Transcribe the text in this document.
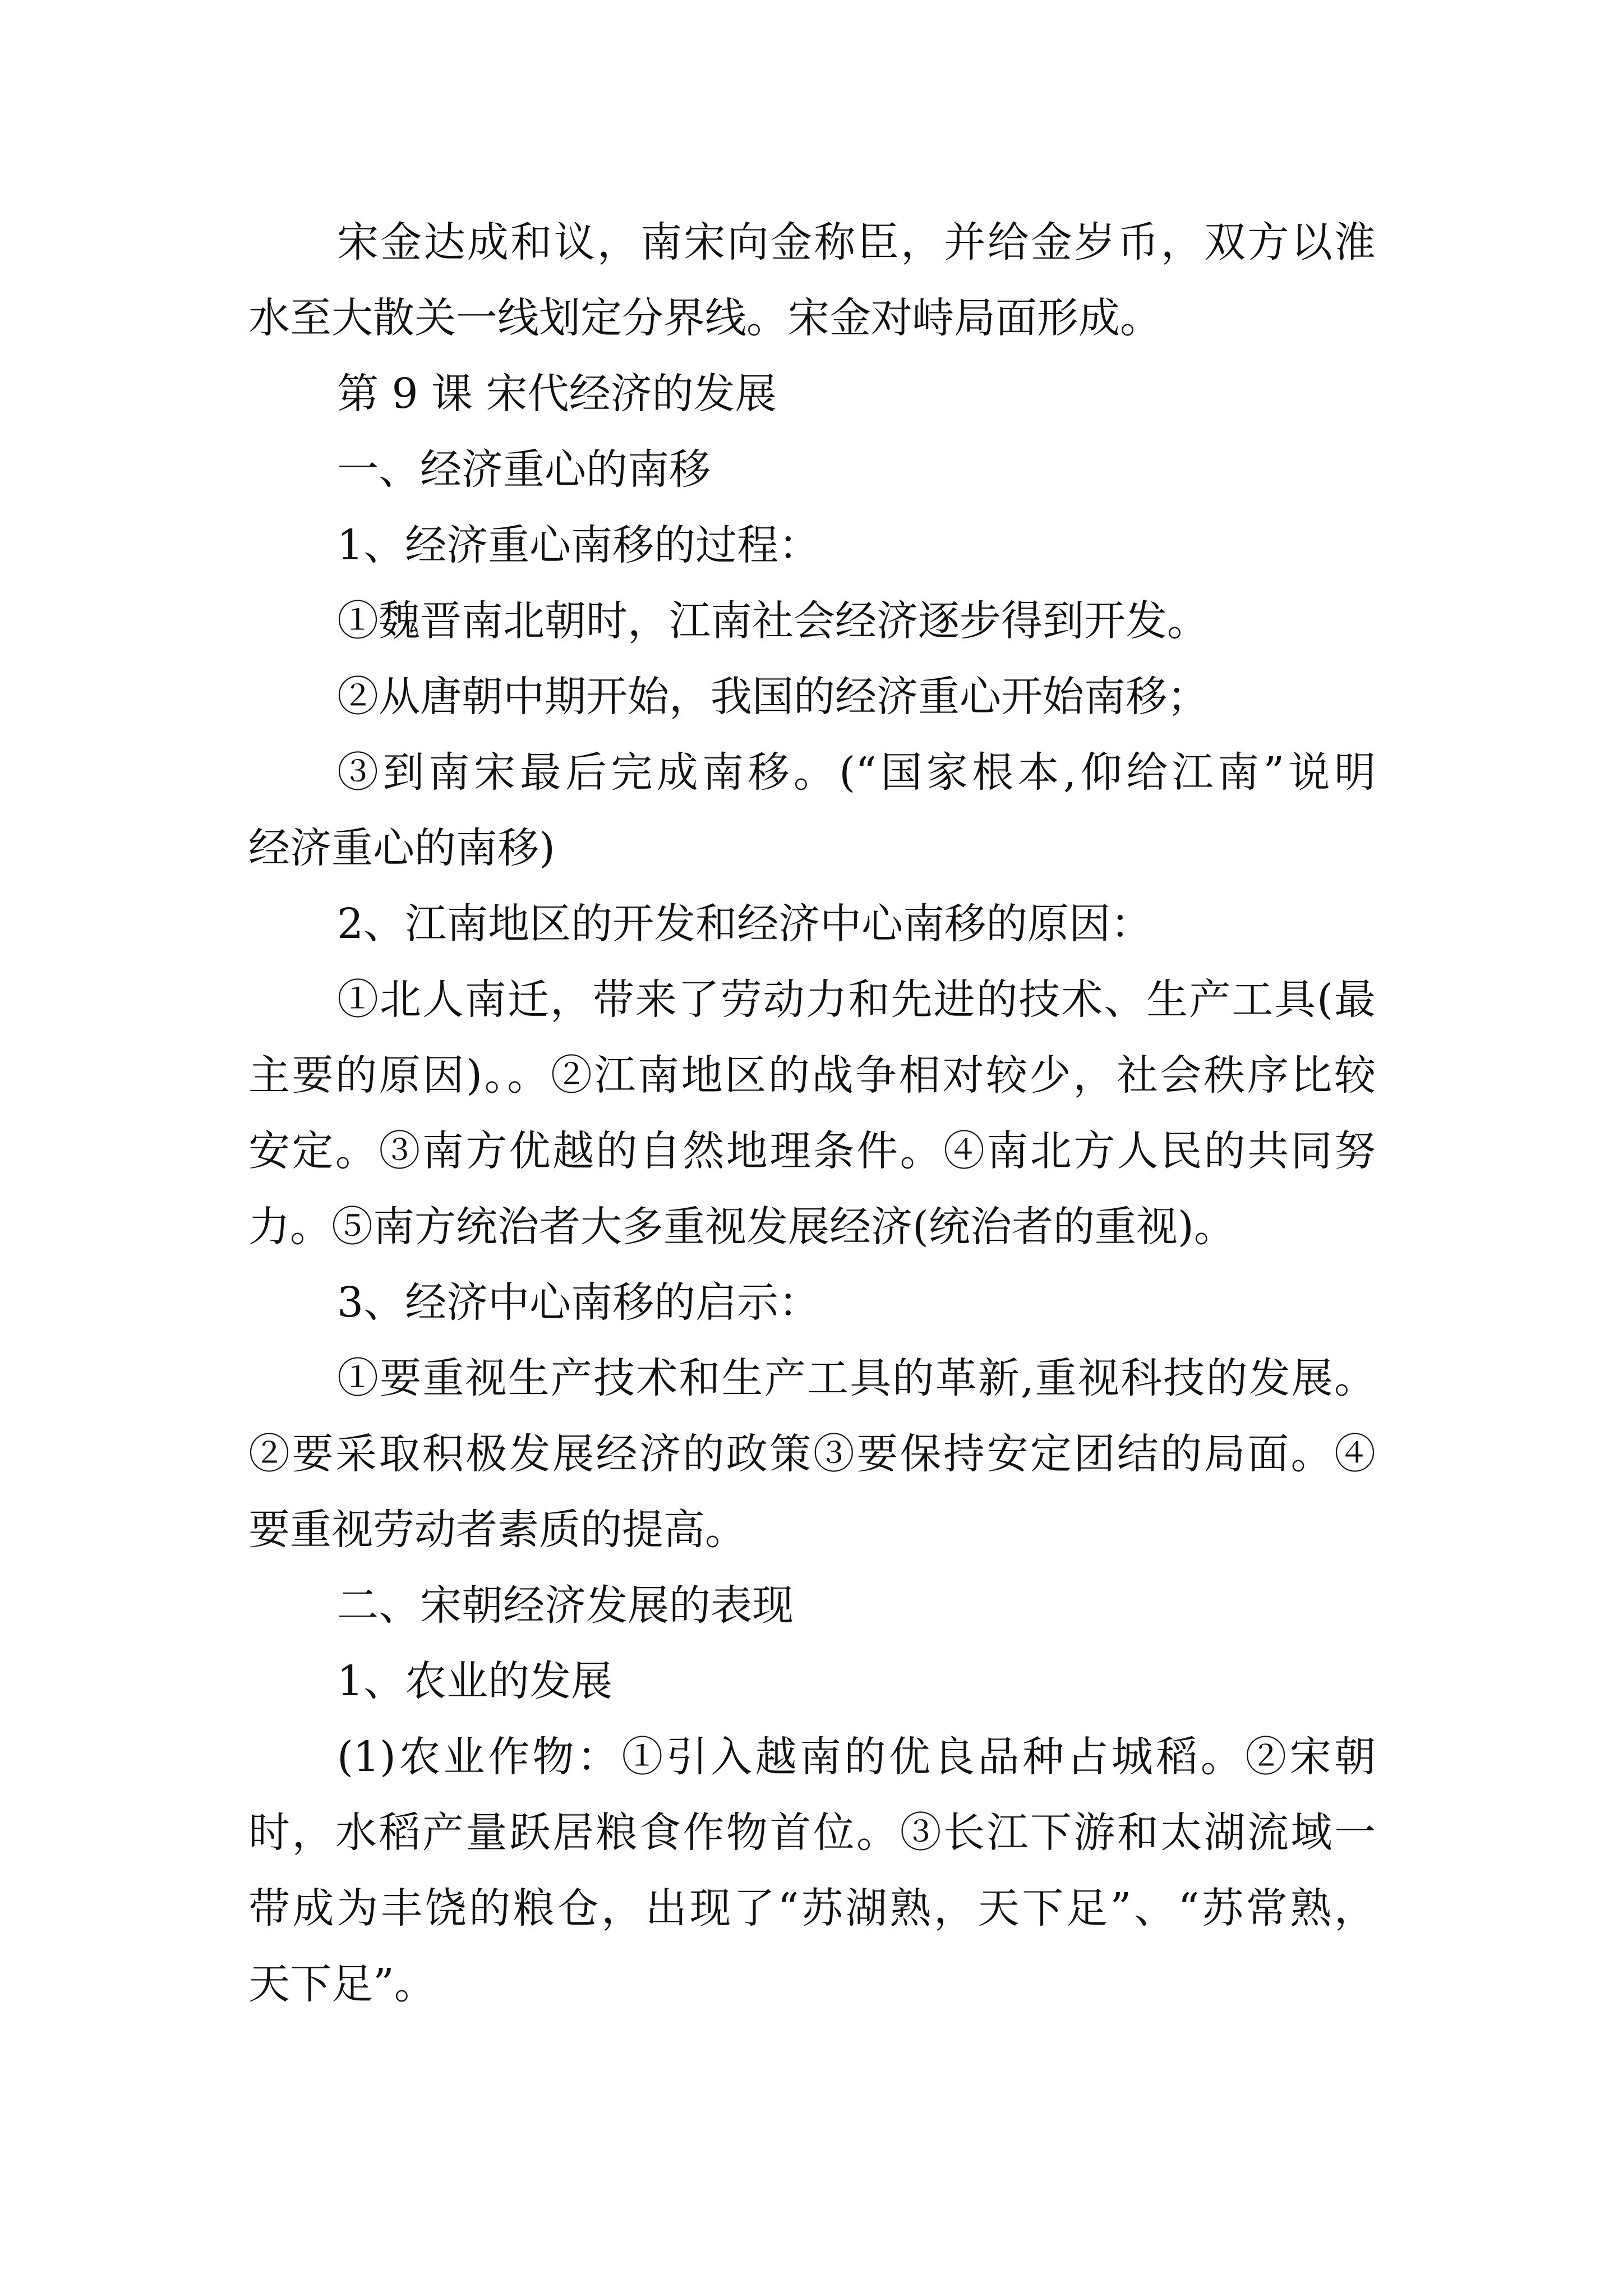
宋金达成和议，南宋向金称臣，并给金岁币，双方以淮
水至大散关一线划定分界线。宋金对峙局面形成。
第 9 课 宋代经济的发展
一、经济重心的南移
1、经济重心南移的过程：
①魏晋南北朝时，江南社会经济逐步得到开发。
②从唐朝中期开始，我国的经济重心开始南移；
③到南宋最后完成南移。(“国家根本,仰给江南”说明
经济重心的南移)
2、江南地区的开发和经济中心南移的原因：
①北人南迁，带来了劳动力和先进的技术、生产工具(最
主要的原因)。。②江南地区的战争相对较少，社会秩序比较
安定。③南方优越的自然地理条件。④南北方人民的共同努
力。⑤南方统治者大多重视发展经济(统治者的重视)。
3、经济中心南移的启示：
①要重视生产技术和生产工具的革新,重视科技的发展。
②要采取积极发展经济的政策③要保持安定团结的局面。④
要重视劳动者素质的提高。
二、宋朝经济发展的表现
1、农业的发展
(1)农业作物：①引入越南的优良品种占城稻。②宋朝
时，水稻产量跃居粮食作物首位。③长江下游和太湖流域一
带成为丰饶的粮仓，出现了“苏湖熟，天下足”、“苏常熟，
天下足”。
